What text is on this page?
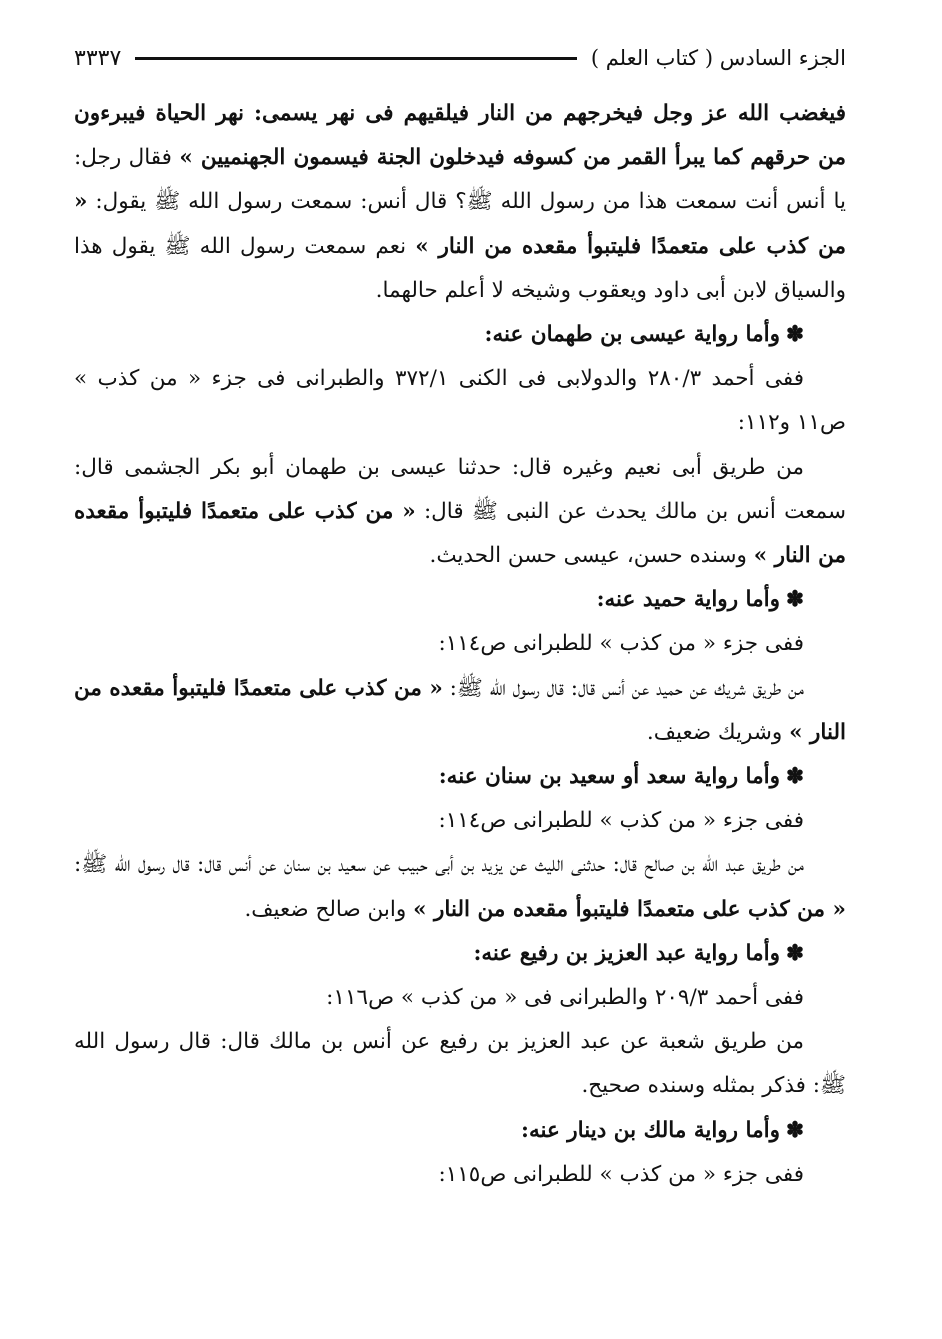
الجزء السادس ( كتاب العلم )
٣٣٣٧

فيغضب الله عز وجل فيخرجهم من النار فيلقيهم فى نهر يسمى: نهر الحياة فيبرءون من حرقهم كما يبرأ القمر من كسوفه فيدخلون الجنة فيسمون الجهنميين » فقال رجل: يا أنس أنت سمعت هذا من رسول الله ﷺ؟ قال أنس: سمعت رسول الله ﷺ يقول: « من كذب على متعمدًا فليتبوأ مقعده من النار » نعم سمعت رسول الله ﷺ يقول هذا والسياق لابن أبى داود ويعقوب وشيخه لا أعلم حالهما.

✽وأما رواية عيسى بن طهمان عنه:

ففى أحمد ٢٨٠/٣ والدولابى فى الكنى ٣٧٢/١ والطبرانى فى جزء « من كذب » ص١١ و١١٢:

من طريق أبى نعيم وغيره قال: حدثنا عيسى بن طهمان أبو بكر الجشمى قال: سمعت أنس بن مالك يحدث عن النبى ﷺ قال: « من كذب على متعمدًا فليتبوأ مقعده من النار » وسنده حسن، عيسى حسن الحديث.

✽وأما رواية حميد عنه:

ففى جزء « من كذب » للطبرانى ص١١٤:

من طريق شريك عن حميد عن أنس قال: قال رسول الله ﷺ: « من كذب على متعمدًا فليتبوأ مقعده من النار » وشريك ضعيف.

✽وأما رواية سعد أو سعيد بن سنان عنه:

ففى جزء « من كذب » للطبرانى ص١١٤:

من طريق عبد الله بن صالح قال: حدثنى الليث عن يزيد بن أبى حبيب عن سعيد بن سنان عن أنس قال: قال رسول الله ﷺ: « من كذب على متعمدًا فليتبوأ مقعده من النار » وابن صالح ضعيف.

✽وأما رواية عبد العزيز بن رفيع عنه:

ففى أحمد ٢٠٩/٣ والطبرانى فى « من كذب » ص١١٦:

من طريق شعبة عن عبد العزيز بن رفيع عن أنس بن مالك قال: قال رسول الله ﷺ: فذكر بمثله وسنده صحيح.

✽وأما رواية مالك بن دينار عنه:

ففى جزء « من كذب » للطبرانى ص١١٥:
